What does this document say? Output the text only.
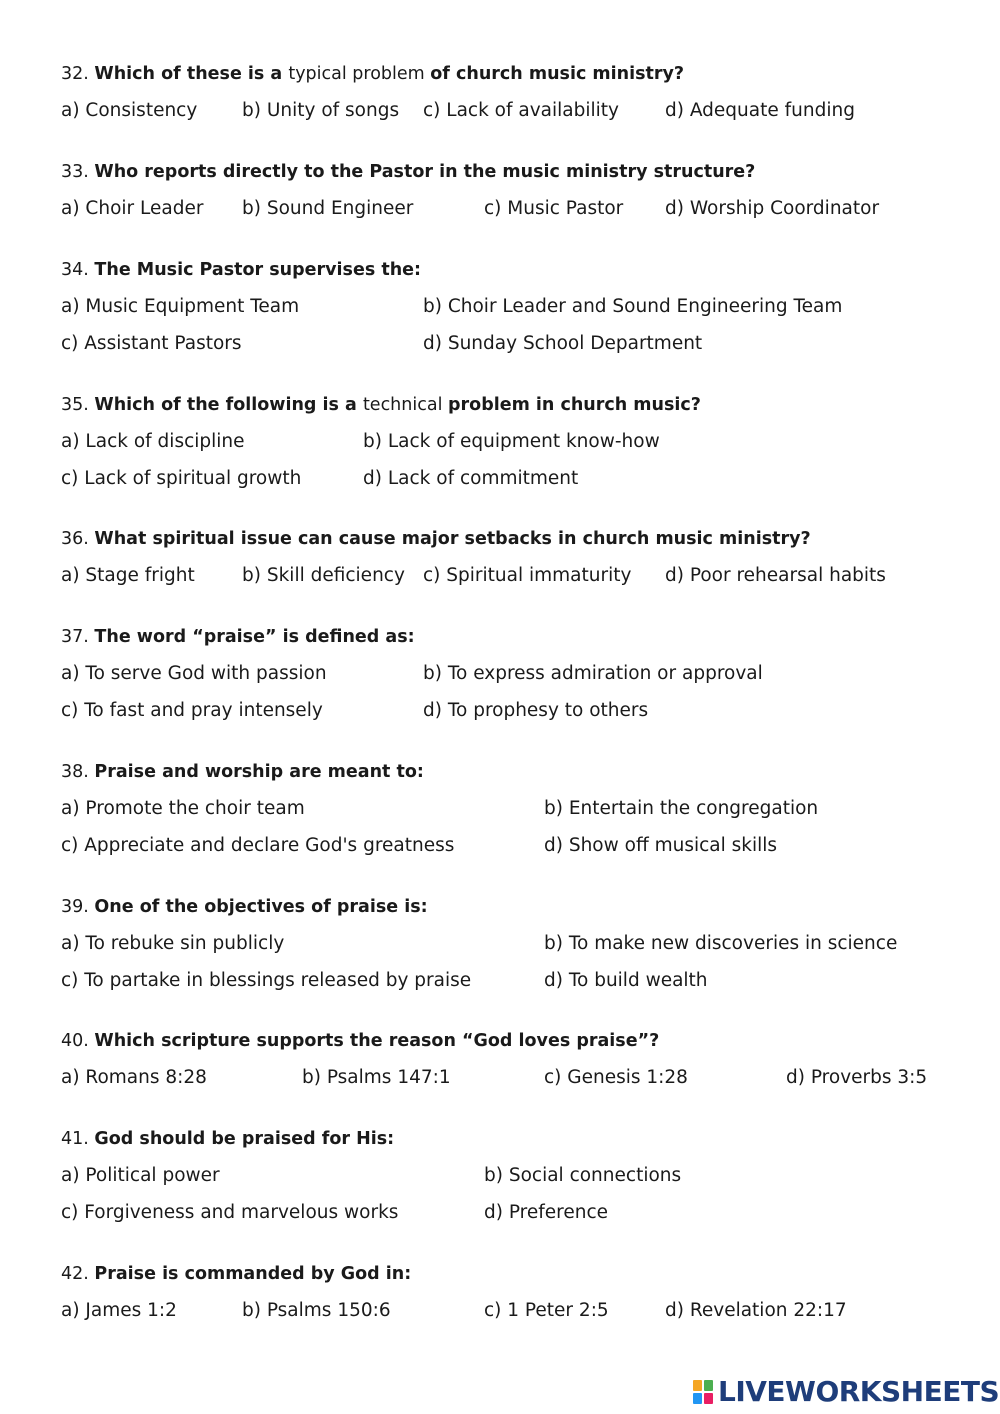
32. Which of these is a typical problem of church music ministry?
a) Consistency b) Unity of songs c) Lack of availability d) Adequate funding
33. Who reports directly to the Pastor in the music ministry structure?
a) Choir Leader b) Sound Engineer	c) Music Pastor d) Worship Coordinator
34. The Music Pastor supervises the:
a) Music Equipment Team	b) Choir Leader and Sound Engineering Team
c) Assistant Pastors	d) Sunday School Department
35. Which of the following is a technical problem in church music?
a) Lack of discipline	b) Lack of equipment know-how
c) Lack of spiritual growth	d) Lack of commitment
36. What spiritual issue can cause major setbacks in church music ministry?
a) Stage fright	b) Skill deficiency c) Spiritual immaturity d) Poor rehearsal habits
37. The word “praise” is defined as:
a) To serve God with passion	b) To express admiration or approval
c) To fast and pray intensely	d) To prophesy to others
38. Praise and worship are meant to:
a) Promote the choir team	b) Entertain the congregation
c) Appreciate and declare God's greatness	d) Show off musical skills
39. One of the objectives of praise is:
a) To rebuke sin publicly	b) To make new discoveries in science
c) To partake in blessings released by praise	d) To build wealth
40. Which scripture supports the reason “God loves praise”?
a) Romans 8:28	b) Psalms 147:1	c) Genesis 1:28	d) Proverbs 3:5
41. God should be praised for His:
a) Political power	b) Social connections
c) Forgiveness and marvelous works	d) Preference
42. Praise is commanded by God in:
a) James 1:2	b) Psalms 150:6	c) 1 Peter 2:5	d) Revelation 22:17
LIVEWORKSHEETS
